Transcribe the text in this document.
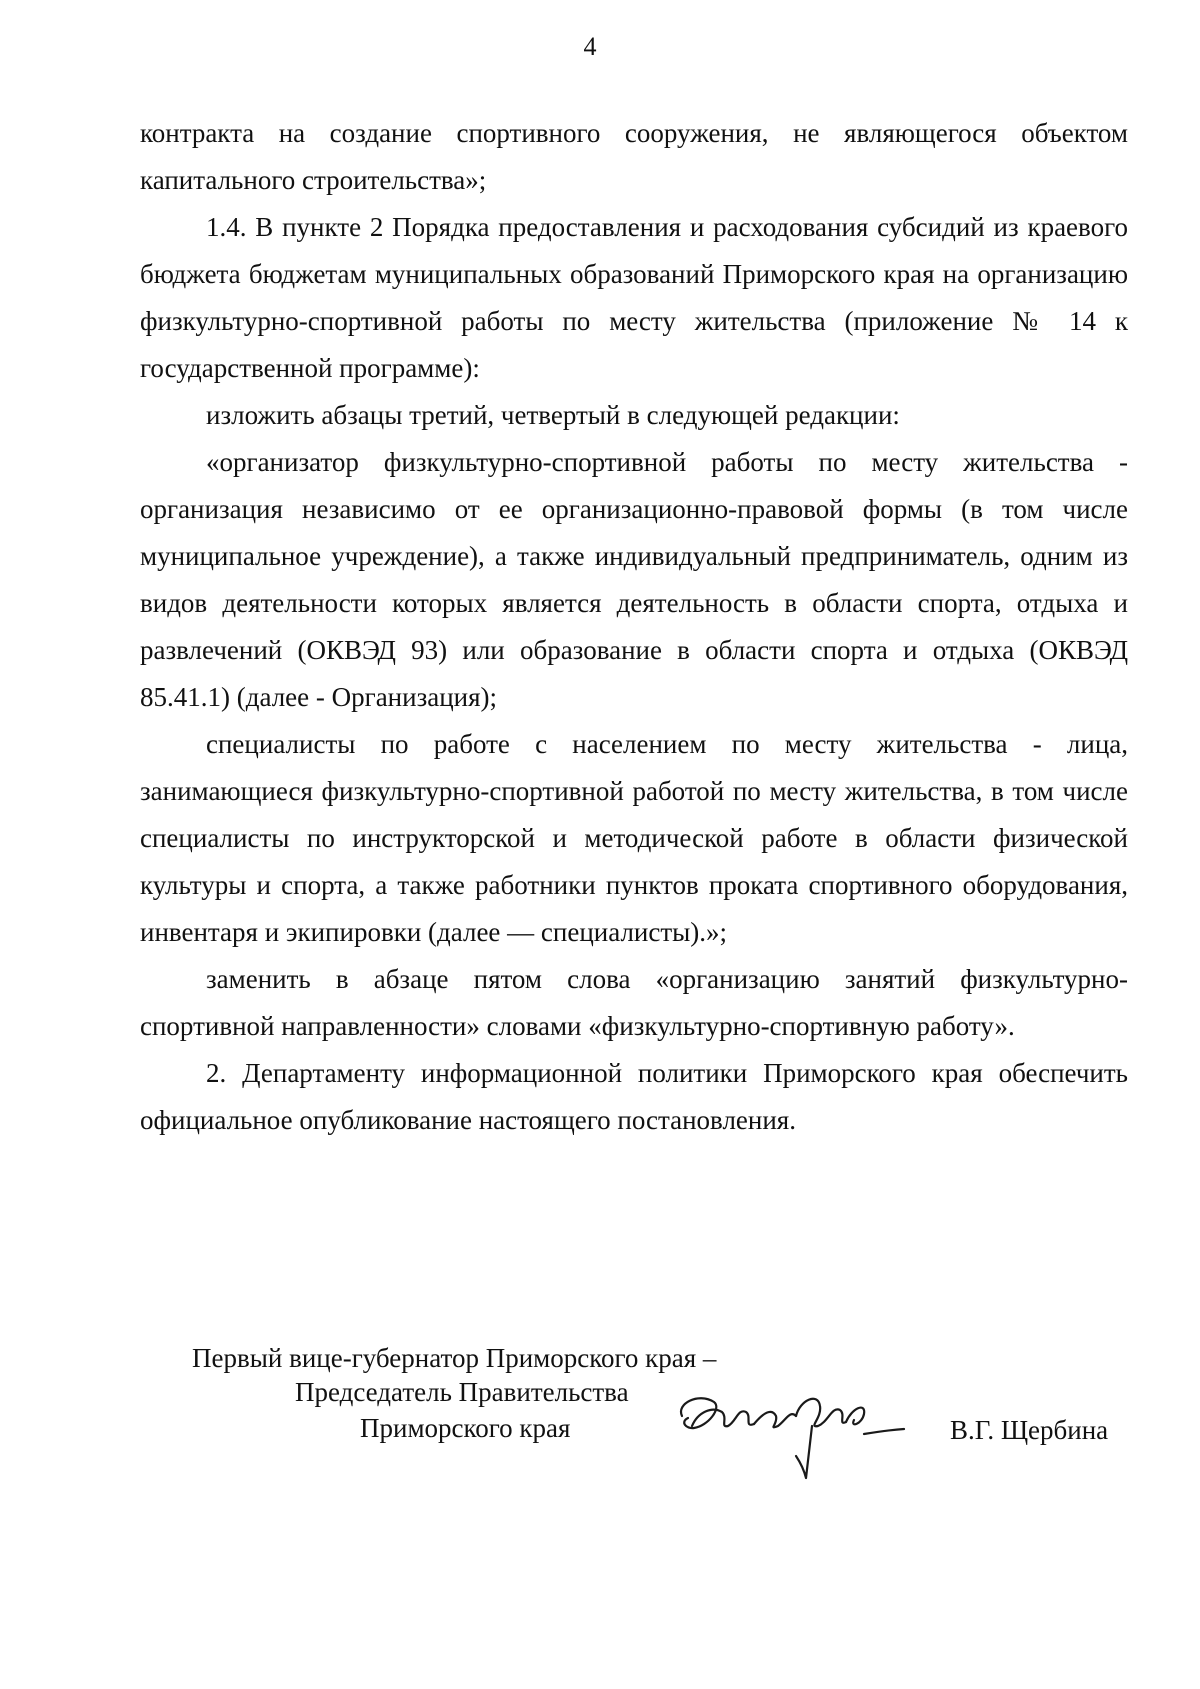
4

контракта на создание спортивного сооружения, не являющегося объектом капитального строительства»;

1.4. В пункте 2 Порядка предоставления и расходования субсидий из краевого бюджета бюджетам муниципальных образований Приморского края на организацию физкультурно-спортивной работы по месту жительства (приложение № 14 к государственной программе):

изложить абзацы третий, четвертый в следующей редакции:

«организатор физкультурно-спортивной работы по месту жительства - организация независимо от ее организационно-правовой формы (в том числе муниципальное учреждение), а также индивидуальный предприниматель, одним из видов деятельности которых является деятельность в области спорта, отдыха и развлечений (ОКВЭД 93) или образование в области спорта и отдыха (ОКВЭД 85.41.1) (далее - Организация);

специалисты по работе с населением по месту жительства - лица, занимающиеся физкультурно-спортивной работой по месту жительства, в том числе специалисты по инструкторской и методической работе в области физической культуры и спорта, а также работники пунктов проката спортивного оборудования, инвентаря и экипировки (далее — специалисты).»;

заменить в абзаце пятом слова «организацию занятий физкультурно-спортивной направленности» словами «физкультурно-спортивную работу».

2. Департаменту информационной политики Приморского края обеспечить официальное опубликование настоящего постановления.

Первый вице-губернатор Приморского края –
Председатель Правительства
Приморского края	В.Г. Щербина
